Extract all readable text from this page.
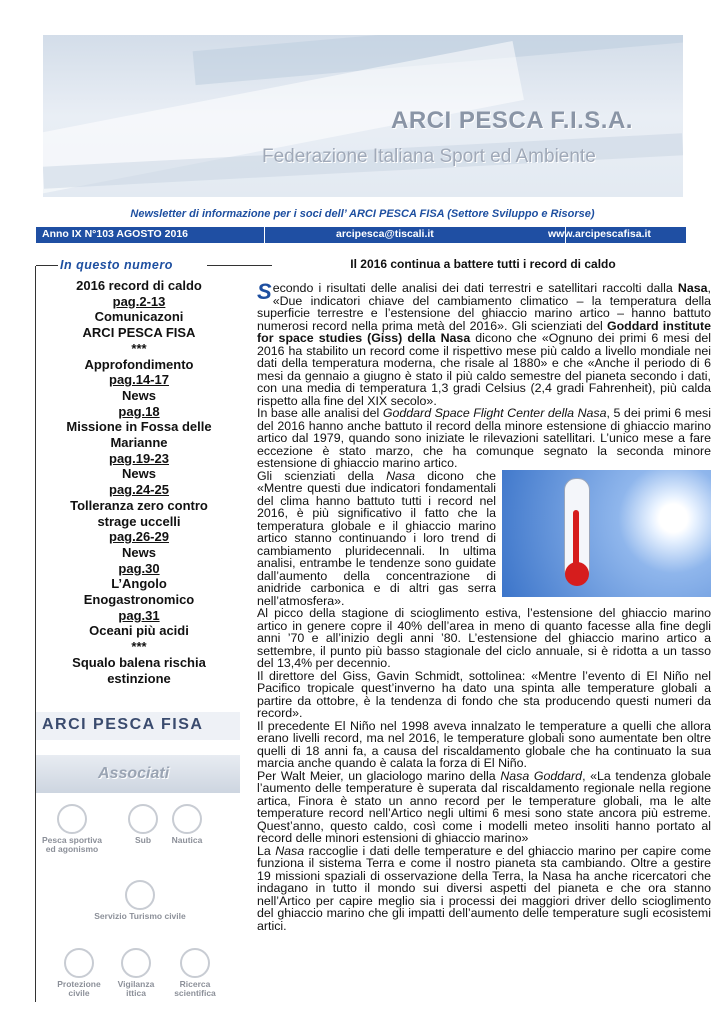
ARCI PESCA F.I.S.A.
Federazione Italiana Sport ed Ambiente
Newsletter di informazione per i soci dell’ ARCI PESCA FISA (Settore Sviluppo e Risorse)
Anno IX N°103 AGOSTO 2016	arcipesca@tiscali.it	www.arcipescafisa.it
In questo numero
2016 record di caldo
pag.2-13
Comunicazoni
ARCI PESCA FISA
***
Approfondimento
pag.14-17
News
pag.18
Missione in Fossa delle
Marianne
pag.19-23
News
pag.24-25
Tolleranza zero contro
strage uccelli
pag.26-29
News
pag.30
L’Angolo
Enogastronomico
pag.31
Oceani più acidi
***
Squalo balena rischia
estinzione
ARCI PESCA FISA
Associati
Pesca sportiva ed agonismo
Sub	Nautica
Servizio Turismo civile
Protezione civile
Vigilanza ittica
Ricerca scientifica
Il 2016 continua a battere tutti i record di caldo

Secondo i risultati delle analisi dei dati terrestri e satellitari raccolti dalla Nasa, «Due indicatori chiave del cambiamento climatico – la temperatura della superficie terrestre e l’estensione del ghiaccio marino artico – hanno battuto numerosi record nella prima metà del 2016». Gli scienziati del Goddard institute for space studies (Giss) della Nasa dicono che «Ognuno dei primi 6 mesi del 2016 ha stabilito un record come il rispettivo mese più caldo a livello mondiale nei dati della temperatura moderna, che risale al 1880» e che «Anche il periodo di 6 mesi da gennaio a giugno è stato il più caldo semestre del pianeta secondo i dati, con una media di temperatura 1,3 gradi Celsius (2,4 gradi Fahrenheit), più calda rispetto alla fine del XIX secolo».

In base alle analisi del Goddard Space Flight Center della Nasa, 5 dei primi 6 mesi del 2016 hanno anche battuto il record della minore estensione di ghiaccio marino artico dal 1979, quando sono iniziate le rilevazioni satellitari. L’unico mese a fare eccezione è stato marzo, che ha comunque segnato la seconda minore estensione di ghiaccio marino artico.

Gli scienziati della Nasa dicono che «Mentre questi due indicatori fondamentali del clima hanno battuto tutti i record nel 2016, è più significativo il fatto che la temperatura globale e il ghiaccio marino artico stanno continuando i loro trend di cambiamento pluridecennali. In ultima analisi, entrambe le tendenze sono guidate dall’aumento della concentrazione di anidride carbonica e di altri gas serra nell’atmosfera».

Al picco della stagione di scioglimento estiva, l’estensione del ghiaccio marino artico in genere copre il 40% dell’area in meno di quanto facesse alla fine degli anni ’70 e all’inizio degli anni ’80. L’estensione del ghiaccio marino artico a settembre, il punto più basso stagionale del ciclo annuale, si è ridotta a un tasso del 13,4% per decennio.

Il direttore del Giss, Gavin Schmidt, sottolinea: «Mentre l’evento di El Niño nel Pacifico tropicale quest’inverno ha dato una spinta alle temperature globali a partire da ottobre, è la tendenza di fondo che sta producendo questi numeri da record».

Il precedente El Niño nel 1998 aveva innalzato le temperature a quelli che allora erano livelli record, ma nel 2016, le temperature globali sono aumentate ben oltre quelli di 18 anni fa, a causa del riscaldamento globale che ha continuato la sua marcia anche quando è calata la forza di El Niño.

Per Walt Meier, un glaciologo marino della Nasa Goddard, «La tendenza globale l’aumento delle temperature è superata dal riscaldamento regionale nella regione artica, Finora è stato un anno record per le temperature globali, ma le alte temperature record nell’Artico negli ultimi 6 mesi sono state ancora più estreme. Quest’anno, questo caldo, così come i modelli meteo insoliti hanno portato al record delle minori estensioni di ghiaccio marino»

La Nasa raccoglie i dati delle temperature e del ghiaccio marino per capire come funziona il sistema Terra e come il nostro pianeta sta cambiando. Oltre a gestire 19 missioni spaziali di osservazione della Terra, la Nasa ha anche ricercatori che indagano in tutto il mondo sui diversi aspetti del pianeta e che ora stanno nell’Artico per capire meglio sia i processi dei maggiori driver dello scioglimento del ghiaccio marino che gli impatti dell’aumento delle temperature sugli ecosistemi artici.
